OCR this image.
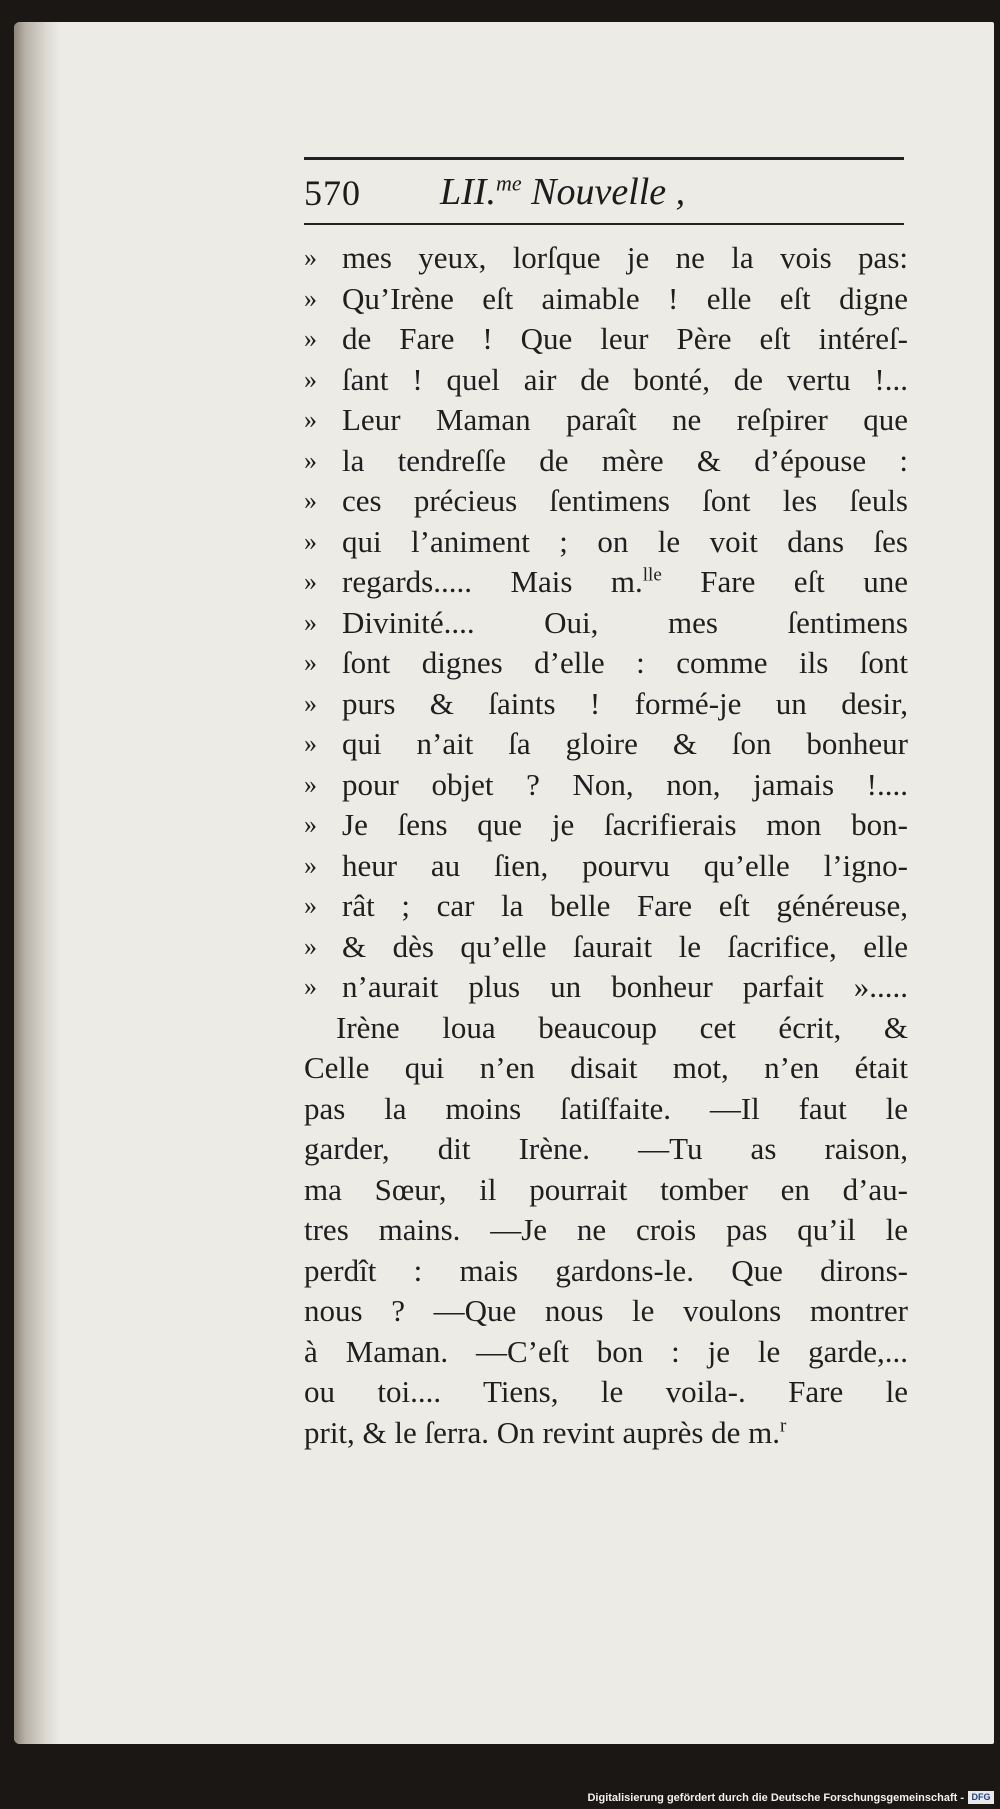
570 LII.$^{me}$ Nouvelle ,
» mes yeux, lorſque je ne la vois pas:
» Qu’Irène eſt aimable ! elle eſt digne
» de Fare ! Que leur Père eſt intéreſ-
» ſant ! quel air de bonté, de vertu !...
» Leur Maman paraît ne reſpirer que
» la tendreſſe de mère & d’épouse :
» ces précieus ſentimens ſont les ſeuls
» qui l’animent ; on le voit dans ſes
» regards..... Mais m.$^{lle}$ Fare eſt une
» Divinité.... Oui, mes ſentimens
» ſont dignes d’elle : comme ils ſont
» purs & ſaints ! formé-je un desir,
» qui n’ait ſa gloire & ſon bonheur
» pour objet ? Non, non, jamais !....
» Je ſens que je ſacrifierais mon bon-
» heur au ſien, pourvu qu’elle l’igno-
» rât ; car la belle Fare eſt généreuse,
» & dès qu’elle ſaurait le ſacrifice, elle
» n’aurait plus un bonheur parfait ».....
Irène loua beaucoup cet écrit, &
Celle qui n’en disait mot, n’en était
pas la moins ſatiſfaite. —Il faut le
garder, dit Irène. —Tu as raison,
ma Sœur, il pourrait tomber en d’au-
tres mains. —Je ne crois pas qu’il le
perdît : mais gardons-le. Que dirons-
nous ? —Que nous le voulons montrer
à Maman. —C’eſt bon : je le garde,...
ou toi.... Tiens, le voila-. Fare le
prit, & le ſerra. On revint auprès de m.$^r$
Digitalisierung gefördert durch die Deutsche Forschungsgemeinschaft - DFG
